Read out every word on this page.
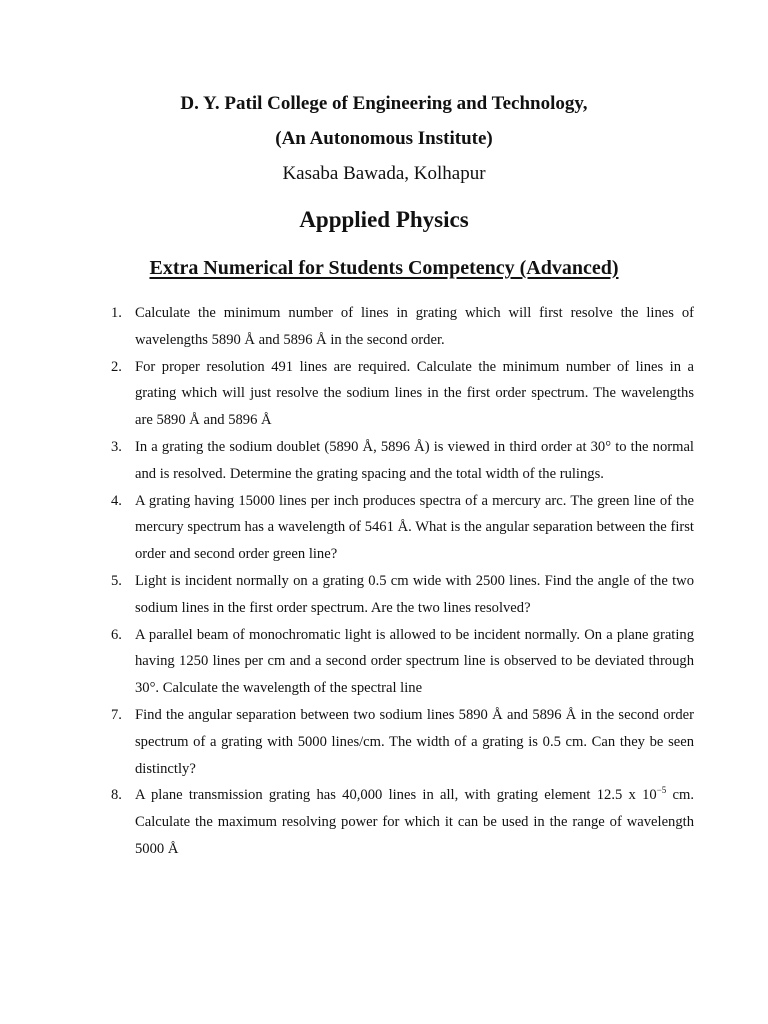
D. Y. Patil College of Engineering and Technology,
(An Autonomous Institute)
Kasaba Bawada, Kolhapur
Appplied Physics
Extra Numerical for Students Competency (Advanced)
1. Calculate the minimum number of lines in grating which will first resolve the lines of wavelengths 5890 Å and 5896 Å in the second order.
2. For proper resolution 491 lines are required. Calculate the minimum number of lines in a grating which will just resolve the sodium lines in the first order spectrum. The wavelengths are 5890 Å and 5896 Å
3. In a grating the sodium doublet (5890 Å, 5896 Å) is viewed in third order at 30° to the normal and is resolved. Determine the grating spacing and the total width of the rulings.
4. A grating having 15000 lines per inch produces spectra of a mercury arc. The green line of the mercury spectrum has a wavelength of 5461 Å. What is the angular separation between the first order and second order green line?
5. Light is incident normally on a grating 0.5 cm wide with 2500 lines. Find the angle of the two sodium lines in the first order spectrum. Are the two lines resolved?
6. A parallel beam of monochromatic light is allowed to be incident normally. On a plane grating having 1250 lines per cm and a second order spectrum line is observed to be deviated through 30°. Calculate the wavelength of the spectral line
7. Find the angular separation between two sodium lines 5890 Å and 5896 Å in the second order spectrum of a grating with 5000 lines/cm. The width of a grating is 0.5 cm. Can they be seen distinctly?
8. A plane transmission grating has 40,000 lines in all, with grating element 12.5 x $10^{-5}$ cm. Calculate the maximum resolving power for which it can be used in the range of wavelength 5000 Å
